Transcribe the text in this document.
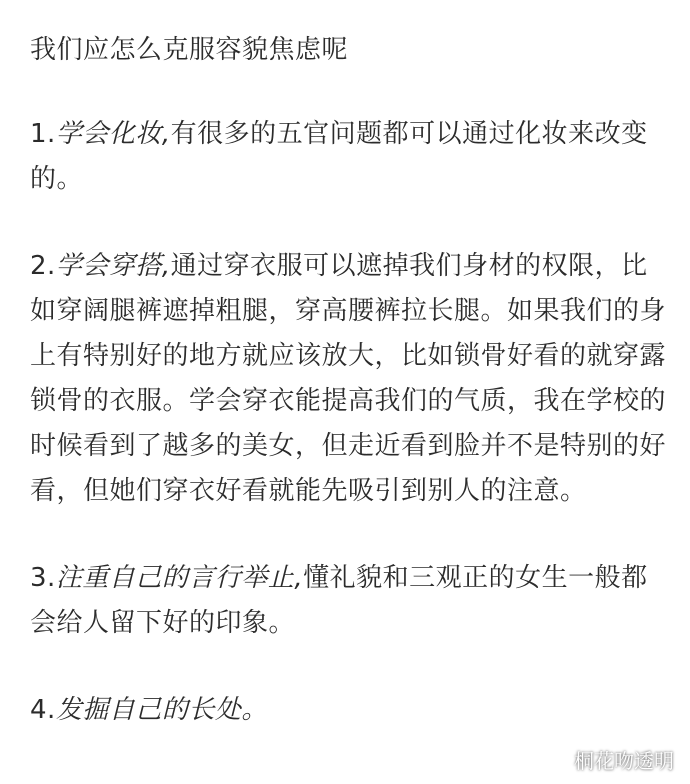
我们应怎么克服容貌焦虑呢
1.学会化妆,有很多的五官问题都可以通过化妆来改变的。
2.学会穿搭,通过穿衣服可以遮掉我们身材的权限，比如穿阔腿裤遮掉粗腿，穿高腰裤拉长腿。如果我们的身上有特别好的地方就应该放大，比如锁骨好看的就穿露锁骨的衣服。学会穿衣能提高我们的气质，我在学校的时候看到了越多的美女，但走近看到脸并不是特别的好看，但她们穿衣好看就能先吸引到别人的注意。
3.注重自己的言行举止,懂礼貌和三观正的女生一般都会给人留下好的印象。
4.发掘自己的长处。
桐花吻透明
